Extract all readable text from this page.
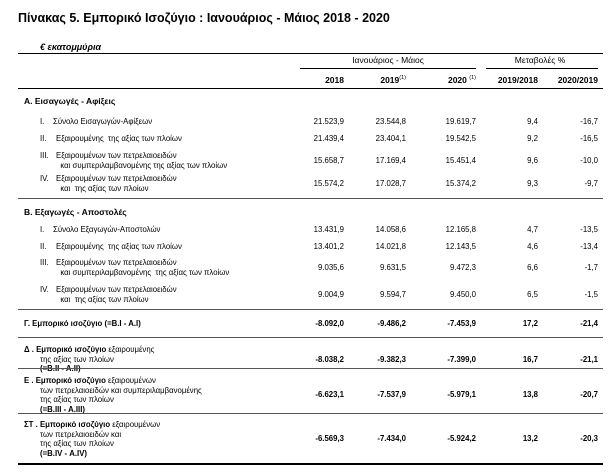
Πίνακας 5. Εμπορικό Ισοζύγιο : Ιανουάριος - Μάιος 2018 - 2020
€ εκατομμύρια
Ιανουάριος - Μάιος	Μεταβολές %
2018	2019$^{(1)}$	2020 $^{(1)}$	2019/2018	2020/2019
Α. Εισαγωγές - Αφίξεις
I. Σύνολο Εισαγωγών-Αφίξεων	21.523,9	23.544,8	19.619,7	9,4	-16,7
II. Εξαιρουμένης  της αξίας των πλοίων	21.439,4	23.404,1	19.542,5	9,2	-16,5
III. Εξαιρουμένων των πετρελαιοειδών
και συμπεριλαμβανομένης της αξίας των πλοίων
15.658,7	17.169,4	15.451,4	9,6	-10,0
IV. Εξαιρουμένων των πετρελαιοειδών
και  της αξίας των πλοίων
15.574,2	17.028,7	15.374,2	9,3	-9,7
Β. Εξαγωγές - Αποστολές
I. Σύνολο Εξαγωγών-Αποστολών	13.431,9	14.058,6	12.165,8	4,7	-13,5
II. Εξαιρουμένης  της αξίας των πλοίων	13.401,2	14.021,8	12.143,5	4,6	-13,4
III. Εξαιρουμένων των πετρελαιοειδών
και συμπεριλαμβανομένης  της αξίας των πλοίων
9.035,6	9.631,5	9.472,3	6,6	-1,7
IV. Εξαιρουμένων των πετρελαιοειδών
και  της αξίας των πλοίων
9.004,9	9.594,7	9.450,0	6,5	-1,5
Γ. Εμπορικό ισοζύγιο (=Β.Ι - Α.Ι)	-8.092,0	-9.486,2	-7.453,9	17,2	-21,4
Δ . Εμπορικό ισοζύγιο εξαιρουμένης
της αξίας των πλοίων
(=Β.ΙΙ - Α.ΙΙ)
-8.038,2	-9.382,3	-7.399,0	16,7	-21,1
Ε . Εμπορικό ισοζύγιο εξαιρουμένων
των πετρελαιοειδών και συμπεριλαμβανομένης
της αξίας των πλοίων
(=Β.ΙΙΙ - Α.ΙΙΙ)
-6.623,1	-7.537,9	-5.979,1	13,8	-20,7
ΣΤ . Εμπορικό ισοζύγιο εξαιρουμένων
των πετρελαιοειδών και
της αξίας των πλοίων
(=Β.ΙV - Α.ΙV)
-6.569,3	-7.434,0	-5.924,2	13,2	-20,3
